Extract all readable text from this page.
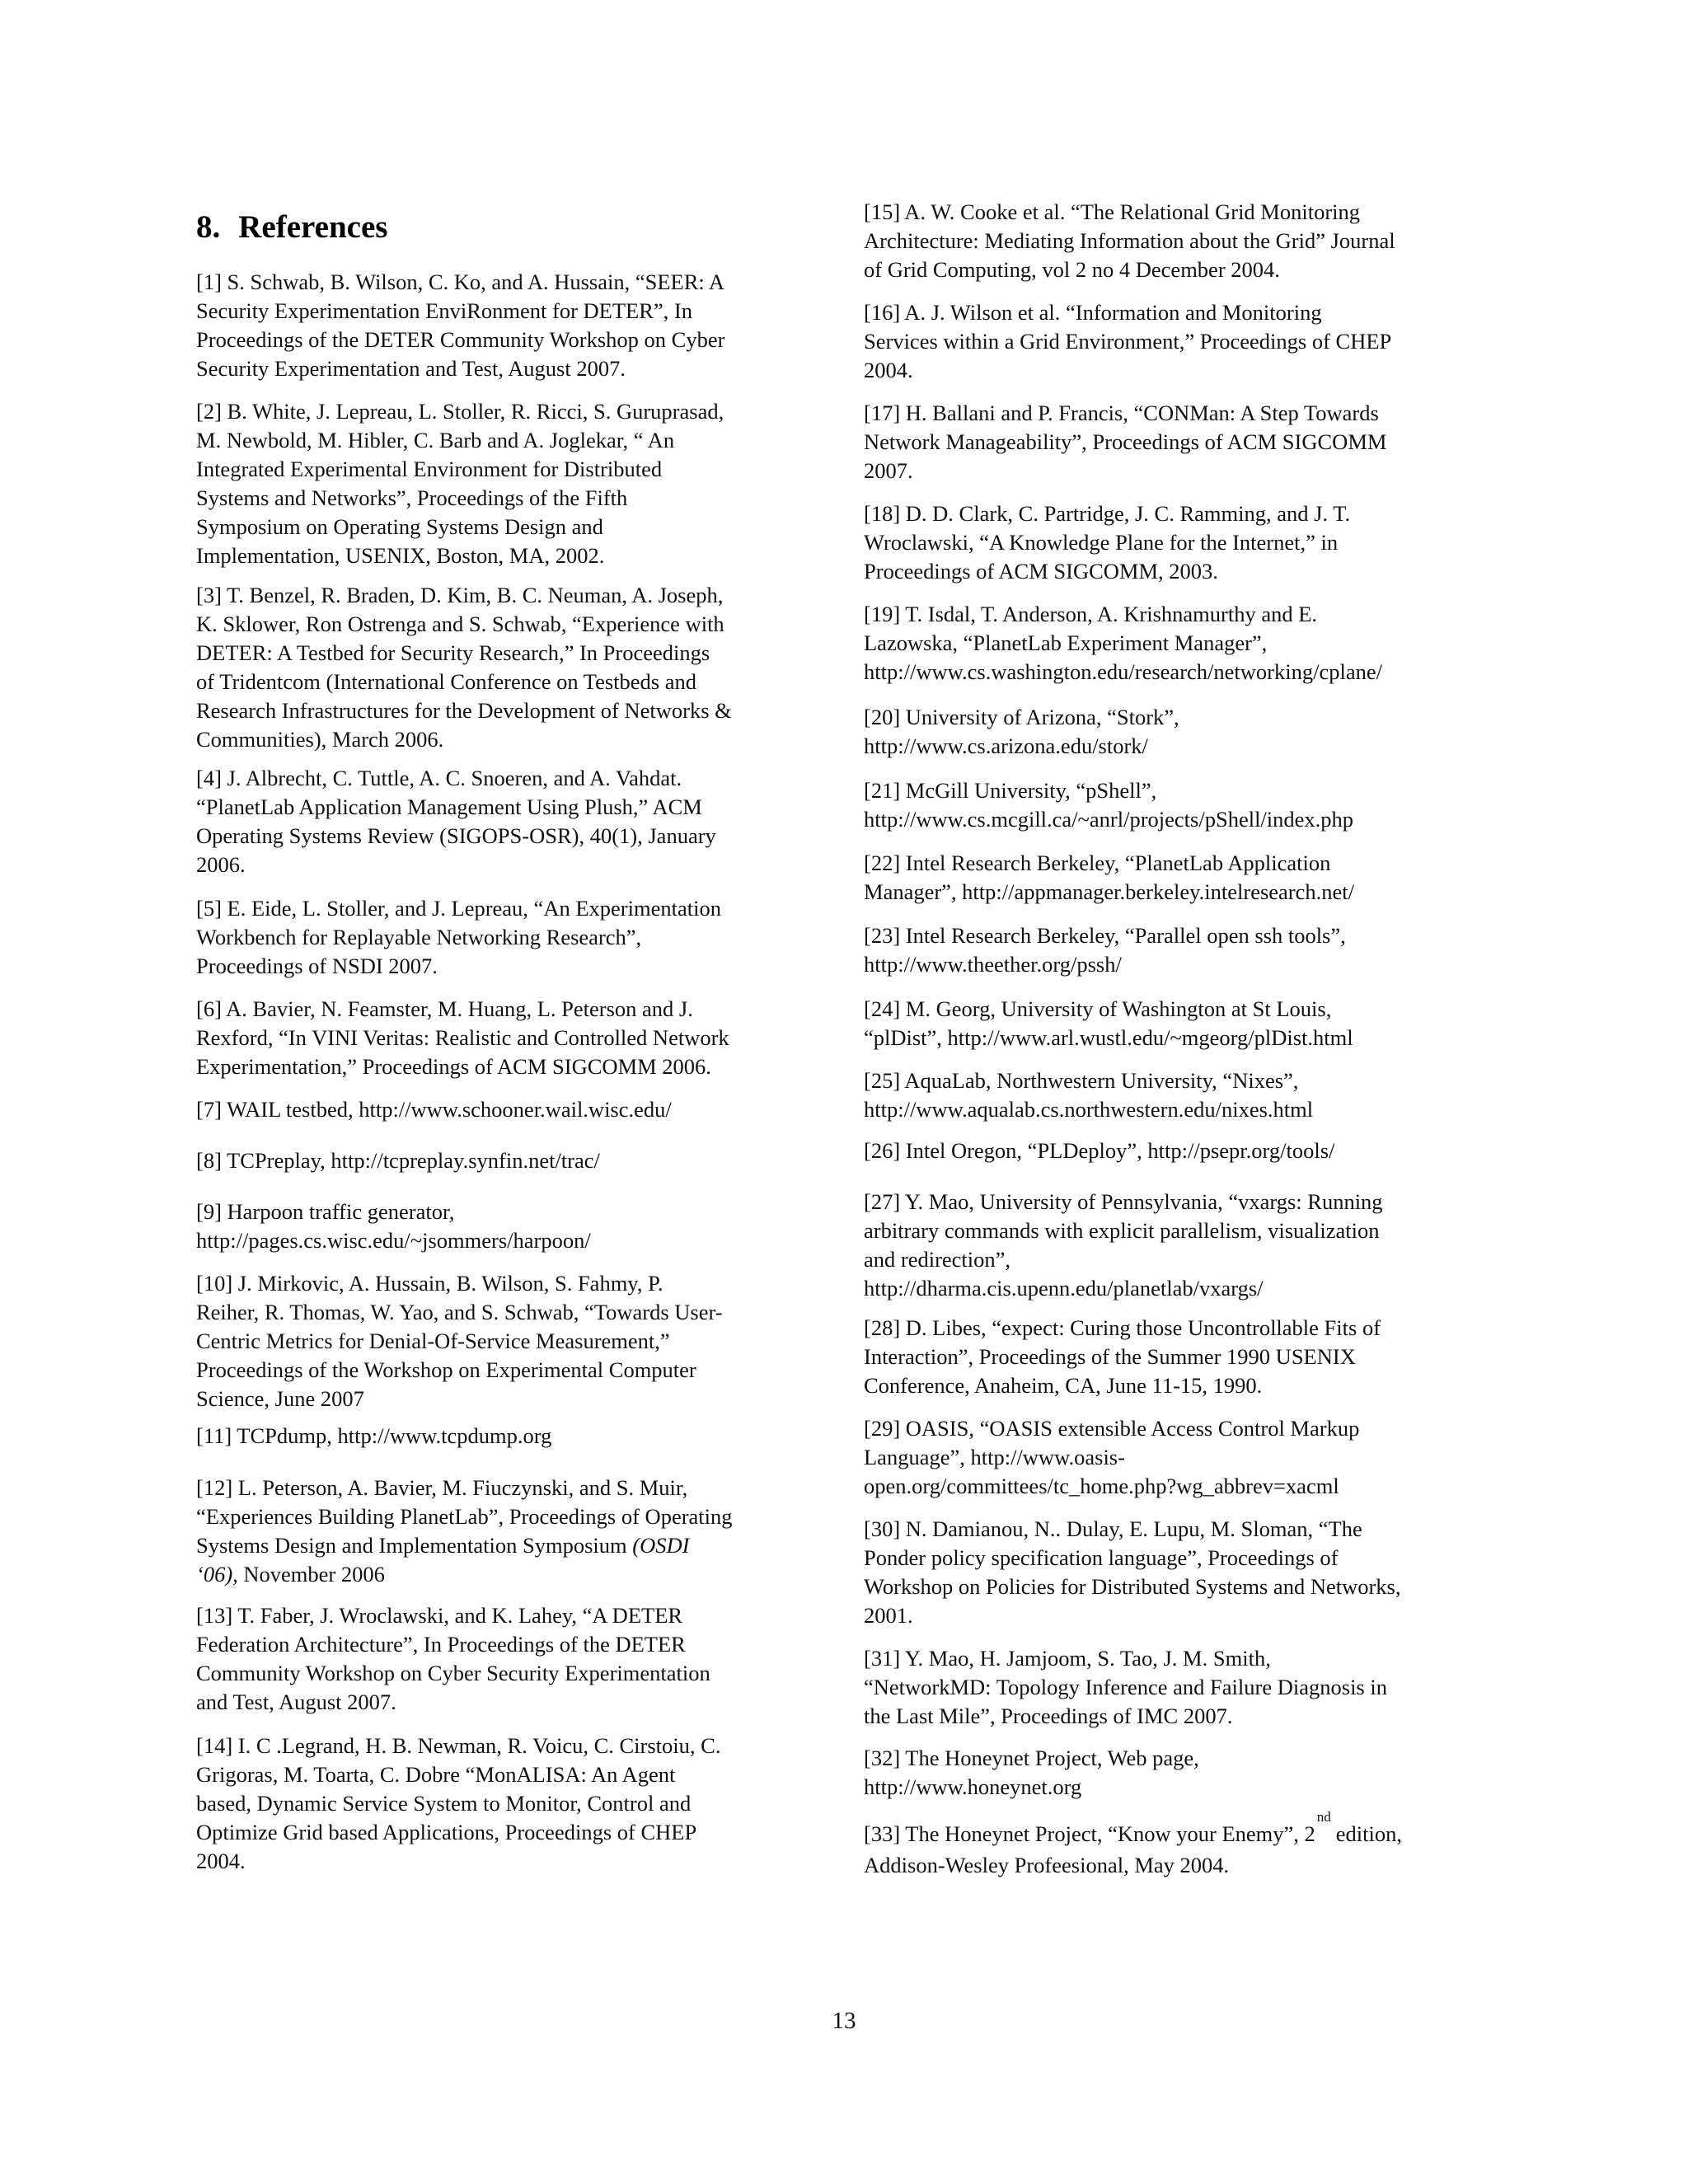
8. References

[1] S. Schwab, B. Wilson, C. Ko, and A. Hussain, “SEER: A
Security Experimentation EnviRonment for DETER”, In
Proceedings of the DETER Community Workshop on Cyber
Security Experimentation and Test, August 2007.

[2] B. White, J. Lepreau, L. Stoller, R. Ricci, S. Guruprasad,
M. Newbold, M. Hibler, C. Barb and A. Joglekar, “ An
Integrated Experimental Environment for Distributed
Systems and Networks”, Proceedings of the Fifth
Symposium on Operating Systems Design and
Implementation, USENIX, Boston, MA, 2002.

[3] T. Benzel, R. Braden, D. Kim, B. C. Neuman, A. Joseph,
K. Sklower, Ron Ostrenga and S. Schwab, “Experience with
DETER: A Testbed for Security Research,” In Proceedings
of Tridentcom (International Conference on Testbeds and
Research Infrastructures for the Development of Networks &
Communities), March 2006.

[4] J. Albrecht, C. Tuttle, A. C. Snoeren, and A. Vahdat.
“PlanetLab Application Management Using Plush,” ACM
Operating Systems Review (SIGOPS-OSR), 40(1), January
2006.

[5] E. Eide, L. Stoller, and J. Lepreau, “An Experimentation
Workbench for Replayable Networking Research”,
Proceedings of NSDI 2007.

[6] A. Bavier, N. Feamster, M. Huang, L. Peterson and J.
Rexford, “In VINI Veritas: Realistic and Controlled Network
Experimentation,” Proceedings of ACM SIGCOMM 2006.

[7] WAIL testbed, http://www.schooner.wail.wisc.edu/

[8] TCPreplay, http://tcpreplay.synfin.net/trac/

[9] Harpoon traffic generator,
http://pages.cs.wisc.edu/~jsommers/harpoon/

[10] J. Mirkovic, A. Hussain, B. Wilson, S. Fahmy, P.
Reiher, R. Thomas, W. Yao, and S. Schwab, “Towards User-
Centric Metrics for Denial-Of-Service Measurement,”
Proceedings of the Workshop on Experimental Computer
Science, June 2007

[11] TCPdump, http://www.tcpdump.org

[12] L. Peterson, A. Bavier, M. Fiuczynski, and S. Muir,
“Experiences Building PlanetLab”, Proceedings of Operating
Systems Design and Implementation Symposium (OSDI
‘06), November 2006

[13] T. Faber, J. Wroclawski, and K. Lahey, “A DETER
Federation Architecture”, In Proceedings of the DETER
Community Workshop on Cyber Security Experimentation
and Test, August 2007.

[14] I. C .Legrand, H. B. Newman, R. Voicu, C. Cirstoiu, C.
Grigoras, M. Toarta, C. Dobre “MonALISA: An Agent
based, Dynamic Service System to Monitor, Control and
Optimize Grid based Applications, Proceedings of CHEP
2004.

[15] A. W. Cooke et al. “The Relational Grid Monitoring
Architecture: Mediating Information about the Grid” Journal
of Grid Computing, vol 2 no 4 December 2004.

[16] A. J. Wilson et al. “Information and Monitoring
Services within a Grid Environment,” Proceedings of CHEP
2004.

[17] H. Ballani and P. Francis, “CONMan: A Step Towards
Network Manageability”, Proceedings of ACM SIGCOMM
2007.

[18] D. D. Clark, C. Partridge, J. C. Ramming, and J. T.
Wroclawski, “A Knowledge Plane for the Internet,” in
Proceedings of ACM SIGCOMM, 2003.

[19] T. Isdal, T. Anderson, A. Krishnamurthy and E.
Lazowska, “PlanetLab Experiment Manager”,
http://www.cs.washington.edu/research/networking/cplane/

[20] University of Arizona, “Stork”,
http://www.cs.arizona.edu/stork/

[21] McGill University, “pShell”,
http://www.cs.mcgill.ca/~anrl/projects/pShell/index.php

[22] Intel Research Berkeley, “PlanetLab Application
Manager”, http://appmanager.berkeley.intelresearch.net/

[23] Intel Research Berkeley, “Parallel open ssh tools”,
http://www.theether.org/pssh/

[24] M. Georg, University of Washington at St Louis,
“plDist”, http://www.arl.wustl.edu/~mgeorg/plDist.html

[25] AquaLab, Northwestern University, “Nixes”,
http://www.aqualab.cs.northwestern.edu/nixes.html

[26] Intel Oregon, “PLDeploy”, http://psepr.org/tools/

[27] Y. Mao, University of Pennsylvania, “vxargs: Running
arbitrary commands with explicit parallelism, visualization
and redirection”,
http://dharma.cis.upenn.edu/planetlab/vxargs/

[28] D. Libes, “expect: Curing those Uncontrollable Fits of
Interaction”, Proceedings of the Summer 1990 USENIX
Conference, Anaheim, CA, June 11-15, 1990.

[29] OASIS, “OASIS extensible Access Control Markup
Language”, http://www.oasis-
open.org/committees/tc_home.php?wg_abbrev=xacml

[30] N. Damianou, N.. Dulay, E. Lupu, M. Sloman, “The
Ponder policy specification language”, Proceedings of
Workshop on Policies for Distributed Systems and Networks,
2001.

[31] Y. Mao, H. Jamjoom, S. Tao, J. M. Smith,
“NetworkMD: Topology Inference and Failure Diagnosis in
the Last Mile”, Proceedings of IMC 2007.

[32] The Honeynet Project, Web page,
http://www.honeynet.org

[33] The Honeynet Project, “Know your Enemy”, 2ndedition,
Addison-Wesley Profeesional, May 2004.

13
